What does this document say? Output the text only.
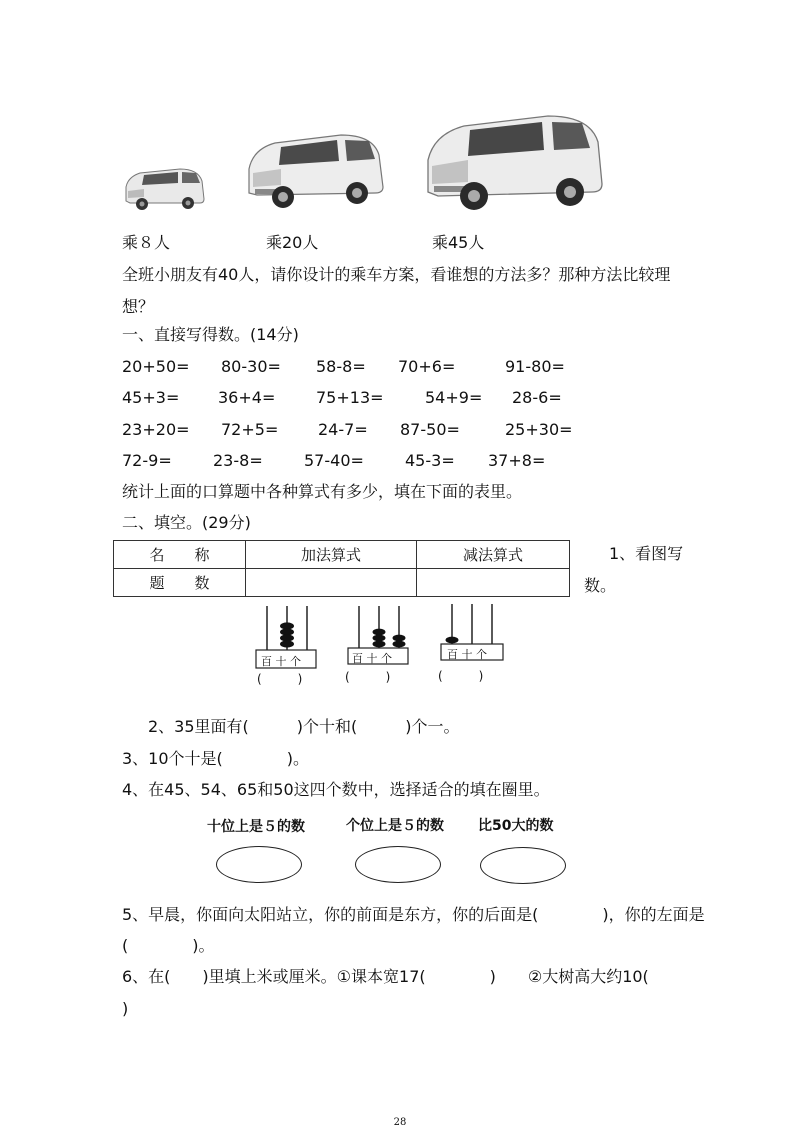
乘８人	乘20人	乘45人
全班小朋友有40人，请你设计的乘车方案，看谁想的方法多？那种方法比较理
想？
一、直接写得数。(14分)
20+50= 80-30= 58-8= 70+6=	91-80=
45+3= 36+4=	75+13=	54+9= 28-6=
23+20= 72+5= 24-7= 87-50=	25+30=
72-9=	23-8=	57-40=	45-3= 37+8=
统计上面的口算题中各种算式有多少，填在下面的表里。
二、填空。(29分)
名　　称	加法算式	减法算式
题　　数		
1、看图写
数。
百 十 个
(　　　)
百 十 个
(　　　)
百 十 个
(　　　)
2、35里面有(　　　)个十和(　　　)个一。
3、10个十是(　　　　)。
4、在45、54、65和50这四个数中，选择适合的填在圈里。
十位上是５的数	个位上是５的数 比50大的数
5、早晨，你面向太阳站立，你的前面是东方，你的后面是(　　　　)，你的左面是
(　　　　)。
6、在(　　)里填上米或厘米。①课本宽17(　　　　)　　②大树高大约10(
)
28
